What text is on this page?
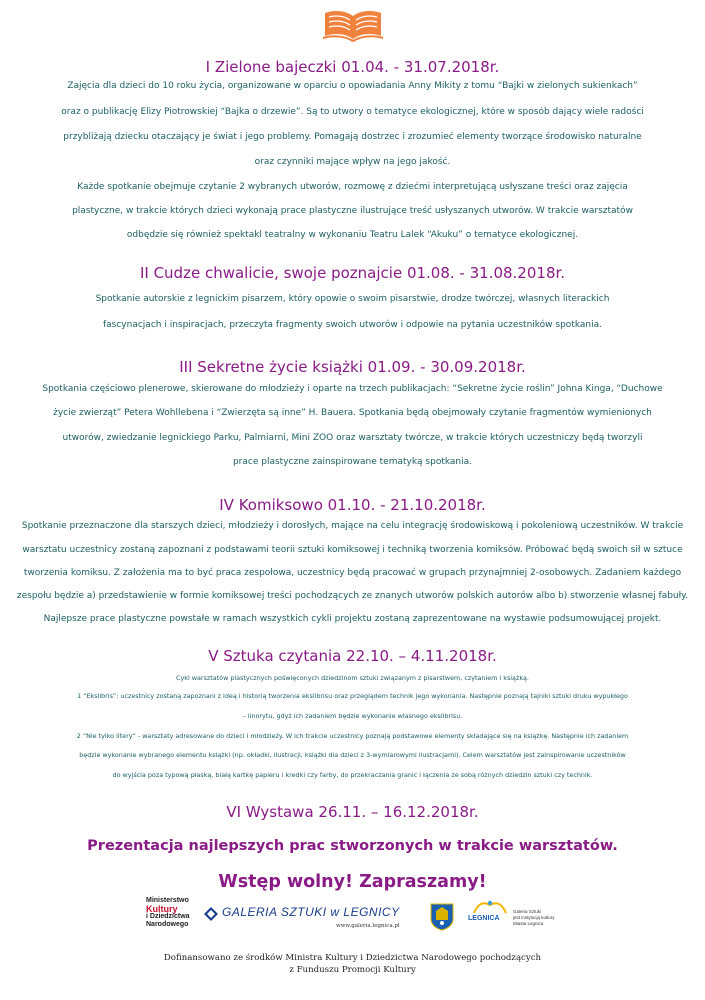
I Zielone bajeczki 01.04. - 31.07.2018r.

Zajęcia dla dzieci do 10 roku życia, organizowane w oparciu o opowiadania Anny Mikity z tomu “Bajki w zielonych sukienkach”

oraz o publikację Elizy Piotrowskiej “Bajka o drzewie”. Są to utwory o tematyce ekologicznej, które w sposób dający wiele radości

przybliżają dziecku otaczający je świat i jego problemy. Pomagają dostrzec i zrozumieć elementy tworzące środowisko naturalne

oraz czynniki mające wpływ na jego jakość.

Każde spotkanie obejmuje czytanie 2 wybranych utworów, rozmowę z dziećmi interpretującą usłyszane treści oraz zajęcia

plastyczne, w trakcie których dzieci wykonają prace plastyczne ilustrujące treść usłyszanych utworów. W trakcie warsztatów

odbędzie się również spektakl teatralny w wykonaniu Teatru Lalek “Akuku” o tematyce ekologicznej.

II Cudze chwalicie, swoje poznajcie 01.08. - 31.08.2018r.

Spotkanie autorskie z legnickim pisarzem, który opowie o swoim pisarstwie, drodze twórczej, własnych literackich

fascynacjach i inspiracjach, przeczyta fragmenty swoich utworów i odpowie na pytania uczestników spotkania.

III Sekretne życie książki 01.09. - 30.09.2018r.

Spotkania częściowo plenerowe, skierowane do młodzieży i oparte na trzech publikacjach: “Sekretne życie roślin” Johna Kinga, “Duchowe

życie zwierząt” Petera Wohllebena i “Zwierzęta są inne” H. Bauera. Spotkania będą obejmowały czytanie fragmentów wymienionych

utworów, zwiedzanie legnickiego Parku, Palmiarni, Mini ZOO oraz warsztaty twórcze, w trakcie których uczestniczy będą tworzyli

prace plastyczne zainspirowane tematyką spotkania.

IV Komiksowo 01.10. - 21.10.2018r.

Spotkanie przeznaczone dla starszych dzieci, młodzieży i dorosłych, mające na celu integrację środowiskową i pokoleniową uczestników. W trakcie

warsztatu uczestnicy zostaną zapoznani z podstawami teorii sztuki komiksowej i techniką tworzenia komiksów. Próbować będą swoich sił w sztuce

tworzenia komiksu. Z założenia ma to być praca zespołowa, uczestnicy będą pracować w grupach przynajmniej 2-osobowych. Zadaniem każdego

zespołu będzie a) przedstawienie w formie komiksowej treści pochodzących ze znanych utworów polskich autorów albo b) stworzenie własnej fabuły.

Najlepsze prace plastyczne powstałe w ramach wszystkich cykli projektu zostaną zaprezentowane na wystawie podsumowującej projekt.

V Sztuka czytania 22.10. – 4.11.2018r.

Cykl warsztatów plastycznych poświęconych dziedzinom sztuki związanym z pisarstwem, czytaniem i książką.

1 “Ekslibris”: uczestnicy zostaną zapoznani z ideą i historią tworzenia ekslibrisu oraz przeglądem technik jego wykonania. Następnie poznają tajniki sztuki druku wypukłego

– linorytu, gdyż ich zadaniem będzie wykonanie własnego ekslibrisu.

2 “Nie tylko litery” - warsztaty adresowane do dzieci i młodzieży. W ich trakcie uczestnicy poznają podstawowe elementy składające się na książkę. Następnie ich zadaniem

będzie wykonanie wybranego elementu książki (np. okładki, ilustracji, książki dla dzieci z 3-wymiarowymi ilustracjami). Celem warsztatów jest zainspirowanie uczestników

do wyjścia poza typową płaską, białą kartkę papieru i kredki czy farby, do przekraczania granic i łączenia ze sobą różnych dziedzin sztuki czy technik.

VI Wystawa 26.11. – 16.12.2018r.

Prezentacja najlepszych prac stworzonych w trakcie warsztatów.

Wstęp wolny! Zapraszamy!

Ministerstwo
Kultury
i Dziedzictwa
Narodowego
GALERIA SZTUKI w LEGNICY
www.galeria.legnica.pl
LEGNICA
Galeria Sztuki
jest instytucją kultury
Miasta Legnica
Dofinansowano ze środków Ministra Kultury i Dziedzictwa Narodowego pochodzących
z Funduszu Promocji Kultury
